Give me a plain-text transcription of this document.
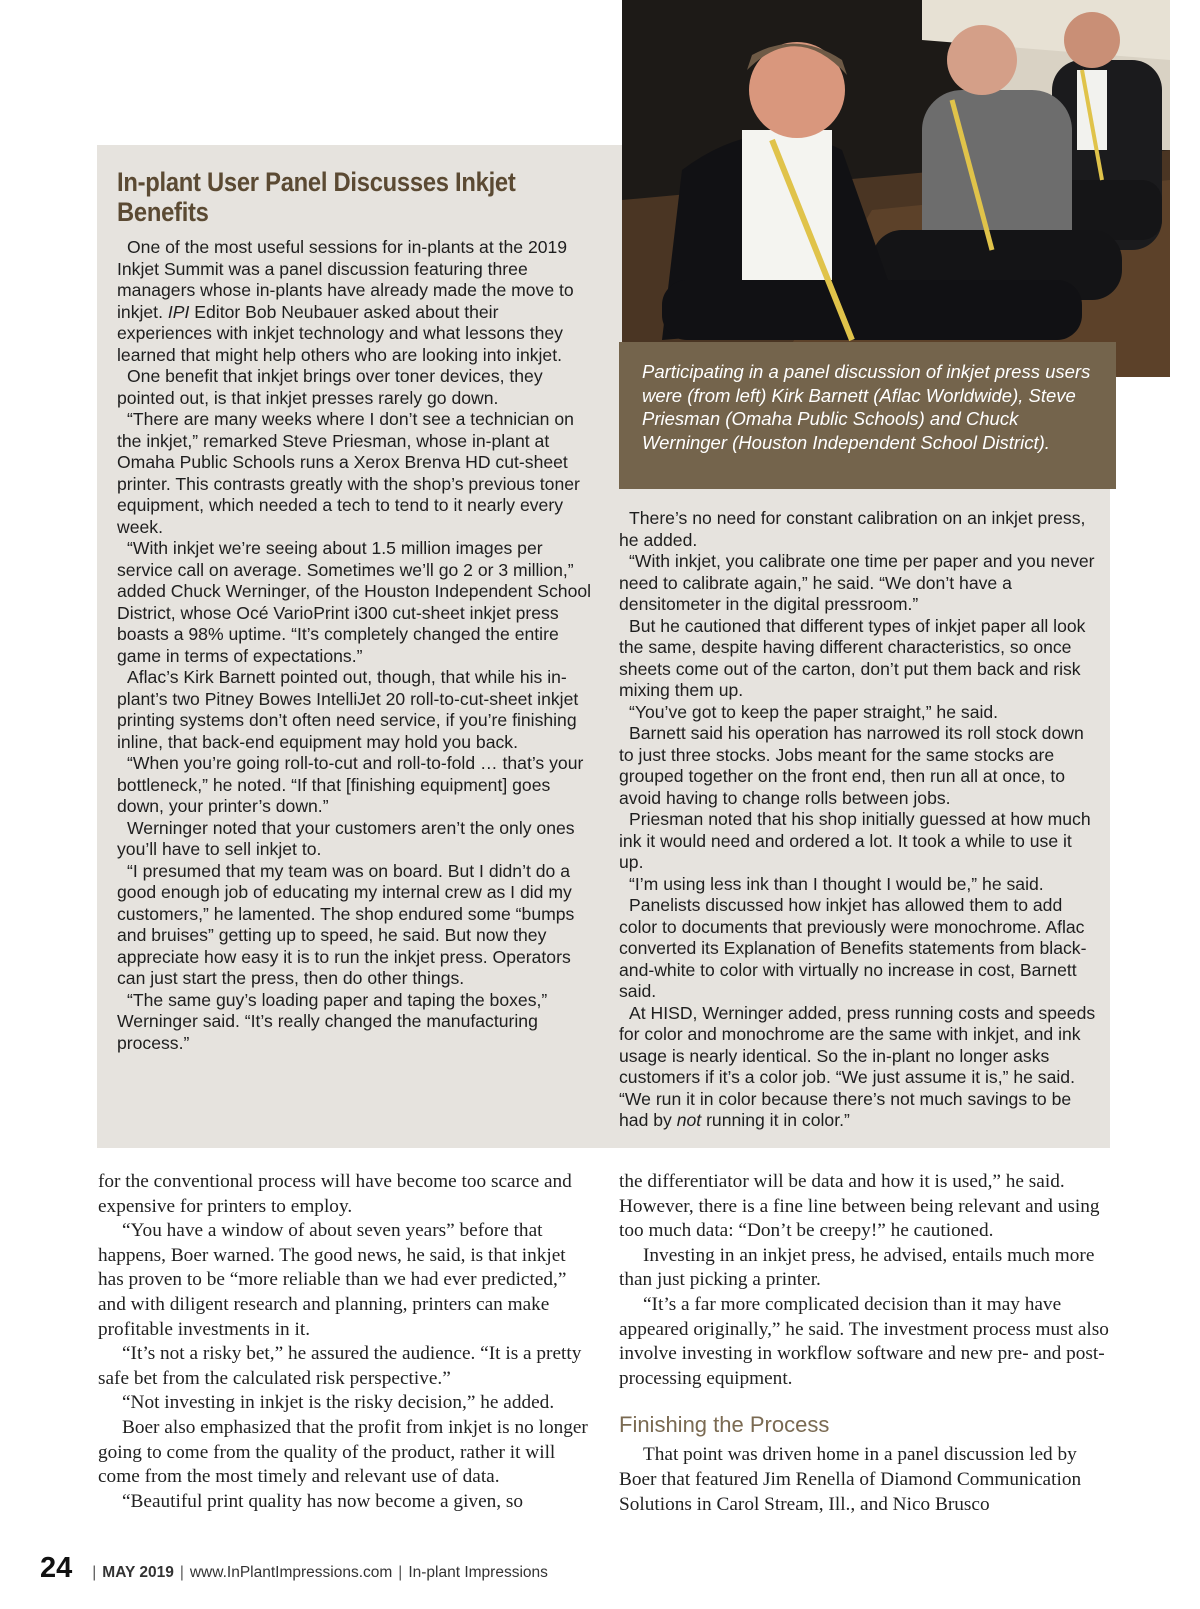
Participating in a panel discussion of inkjet press users were (from left) Kirk Barnett (Aflac Worldwide), Steve Priesman (Omaha Public Schools) and Chuck Werninger (Houston Independent School District).
In-plant User Panel Discusses Inkjet Benefits

One of the most useful sessions for in-plants at the 2019 Inkjet Summit was a panel discussion featuring three managers whose in-plants have already made the move to inkjet. IPI Editor Bob Neubauer asked about their experiences with inkjet technology and what lessons they learned that might help others who are looking into inkjet.

One benefit that inkjet brings over toner devices, they pointed out, is that inkjet presses rarely go down.

“There are many weeks where I don’t see a technician on the inkjet,” remarked Steve Priesman, whose in-plant at Omaha Public Schools runs a Xerox Brenva HD cut-sheet printer. This contrasts greatly with the shop’s previous toner equipment, which needed a tech to tend to it nearly every week.

“With inkjet we’re seeing about 1.5 million images per service call on average. Sometimes we’ll go 2 or 3 million,” added Chuck Werninger, of the Houston Independent School District, whose Océ VarioPrint i300 cut-sheet inkjet press boasts a 98% uptime. “It’s completely changed the entire game in terms of expectations.”

Aflac’s Kirk Barnett pointed out, though, that while his in-plant’s two Pitney Bowes IntelliJet 20 roll-to-cut-sheet inkjet printing systems don’t often need service, if you’re finishing inline, that back-end equipment may hold you back.

“When you’re going roll-to-cut and roll-to-fold … that’s your bottleneck,” he noted. “If that [finishing equipment] goes down, your printer’s down.”

Werninger noted that your customers aren’t the only ones you’ll have to sell inkjet to.

“I presumed that my team was on board. But I didn’t do a good enough job of educating my internal crew as I did my customers,” he lamented. The shop endured some “bumps and bruises” getting up to speed, he said. But now they appreciate how easy it is to run the inkjet press. Operators can just start the press, then do other things.

“The same guy’s loading paper and taping the boxes,” Werninger said. “It’s really changed the manufacturing process.”

There’s no need for constant calibration on an inkjet press, he added.

“With inkjet, you calibrate one time per paper and you never need to calibrate again,” he said. “We don’t have a densitometer in the digital pressroom.”

But he cautioned that different types of inkjet paper all look the same, despite having different characteristics, so once sheets come out of the carton, don’t put them back and risk mixing them up.

“You’ve got to keep the paper straight,” he said.

Barnett said his operation has narrowed its roll stock down to just three stocks. Jobs meant for the same stocks are grouped together on the front end, then run all at once, to avoid having to change rolls between jobs.

Priesman noted that his shop initially guessed at how much ink it would need and ordered a lot. It took a while to use it up.

“I’m using less ink than I thought I would be,” he said.

Panelists discussed how inkjet has allowed them to add color to documents that previously were monochrome. Aflac converted its Explanation of Benefits statements from black-and-white to color with virtually no increase in cost, Barnett said.

At HISD, Werninger added, press running costs and speeds for color and monochrome are the same with inkjet, and ink usage is nearly identical. So the in-plant no longer asks customers if it’s a color job. “We just assume it is,” he said. “We run it in color because there’s not much savings to be had by not running it in color.”

for the conventional process will have become too scarce and expensive for printers to employ.

“You have a window of about seven years” before that happens, Boer warned. The good news, he said, is that inkjet has proven to be “more reliable than we had ever predicted,” and with diligent research and planning, printers can make profitable investments in it.

“It’s not a risky bet,” he assured the audience. “It is a pretty safe bet from the calculated risk perspective.”

“Not investing in inkjet is the risky decision,” he added.

Boer also emphasized that the profit from inkjet is no longer going to come from the quality of the product, rather it will come from the most timely and relevant use of data.

“Beautiful print quality has now become a given, so

the differentiator will be data and how it is used,” he said. However, there is a fine line between being relevant and using too much data: “Don’t be creepy!” he cautioned.

Investing in an inkjet press, he advised, entails much more than just picking a printer.

“It’s a far more complicated decision than it may have appeared originally,” he said. The investment process must also involve investing in workflow software and new pre- and post-processing equipment.

Finishing the Process

That point was driven home in a panel discussion led by Boer that featured Jim Renella of Diamond Communication Solutions in Carol Stream, Ill., and Nico Brusco

24 | MAY 2019 | www.InPlantImpressions.com | In-plant Impressions
